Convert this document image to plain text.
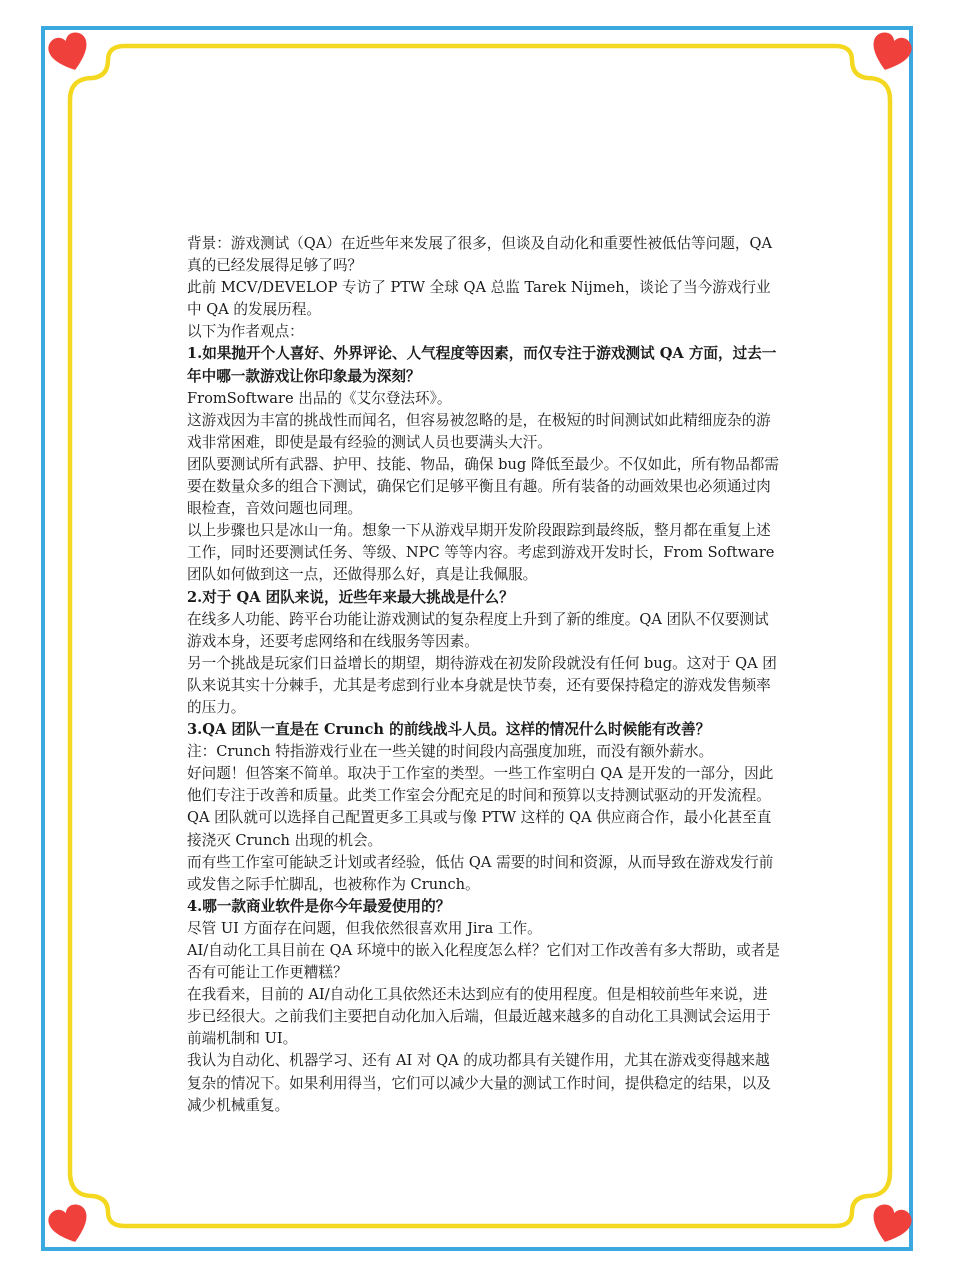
背景：游戏测试（QA）在近些年来发展了很多，但谈及自动化和重要性被低估等问题，QA 真的已经发展得足够了吗？

此前 MCV/DEVELOP 专访了 PTW 全球 QA 总监 Tarek Nijmeh，谈论了当今游戏行业中 QA 的发展历程。

以下为作者观点：

1.如果抛开个人喜好、外界评论、人气程度等因素，而仅专注于游戏测试 QA 方面，过去一年中哪一款游戏让你印象最为深刻？

FromSoftware 出品的《艾尔登法环》。

这游戏因为丰富的挑战性而闻名，但容易被忽略的是，在极短的时间测试如此精细庞杂的游戏非常困难，即使是最有经验的测试人员也要满头大汗。

团队要测试所有武器、护甲、技能、物品，确保 bug 降低至最少。不仅如此，所有物品都需要在数量众多的组合下测试，确保它们足够平衡且有趣。所有装备的动画效果也必须通过肉眼检查，音效问题也同理。

以上步骤也只是冰山一角。想象一下从游戏早期开发阶段跟踪到最终版，整月都在重复上述工作，同时还要测试任务、等级、NPC 等等内容。考虑到游戏开发时长，From Software 团队如何做到这一点，还做得那么好，真是让我佩服。

2.对于 QA 团队来说，近些年来最大挑战是什么？

在线多人功能、跨平台功能让游戏测试的复杂程度上升到了新的维度。QA 团队不仅要测试游戏本身，还要考虑网络和在线服务等因素。

另一个挑战是玩家们日益增长的期望，期待游戏在初发阶段就没有任何 bug。这对于 QA 团队来说其实十分棘手，尤其是考虑到行业本身就是快节奏，还有要保持稳定的游戏发售频率的压力。

3.QA 团队一直是在 Crunch 的前线战斗人员。这样的情况什么时候能有改善？

注：Crunch 特指游戏行业在一些关键的时间段内高强度加班，而没有额外薪水。

好问题！但答案不简单。取决于工作室的类型。一些工作室明白 QA 是开发的一部分，因此他们专注于改善和质量。此类工作室会分配充足的时间和预算以支持测试驱动的开发流程。QA 团队就可以选择自己配置更多工具或与像 PTW 这样的 QA 供应商合作，最小化甚至直接浇灭 Crunch 出现的机会。

而有些工作室可能缺乏计划或者经验，低估 QA 需要的时间和资源，从而导致在游戏发行前或发售之际手忙脚乱，也被称作为 Crunch。

4.哪一款商业软件是你今年最爱使用的？

尽管 UI 方面存在问题，但我依然很喜欢用 Jira 工作。

AI/自动化工具目前在 QA 环境中的嵌入化程度怎么样？它们对工作改善有多大帮助，或者是否有可能让工作更糟糕？

在我看来，目前的 AI/自动化工具依然还未达到应有的使用程度。但是相较前些年来说，进步已经很大。之前我们主要把自动化加入后端，但最近越来越多的自动化工具测试会运用于前端机制和 UI。

我认为自动化、机器学习、还有 AI 对 QA 的成功都具有关键作用，尤其在游戏变得越来越复杂的情况下。如果利用得当，它们可以减少大量的测试工作时间，提供稳定的结果，以及减少机械重复。
